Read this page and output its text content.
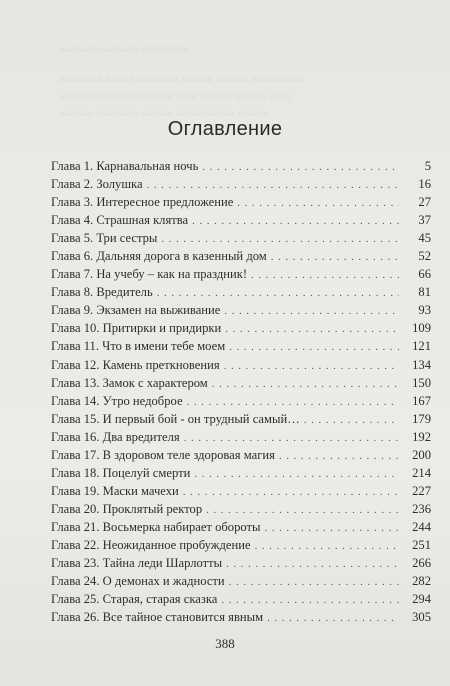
ааааааа ааааааа ааааааааа
аааааааа аааа ааааааааа аааааа аааааа аааааааааа
ааааа аааааааааа ааааа аааа аааааа аааааа аааа
аааааа аааааааа аааааа ааааааааааа аааааа
Оглавление
Глава 1. Карнавальная ночь . . .	5
Глава 2. Золушка . . .	16
Глава 3. Интересное предложение . . .	27
Глава 4. Страшная клятва . . .	37
Глава 5. Три сестры . . .	45
Глава 6. Дальняя дорога в казенный дом . . .	52
Глава 7. На учебу – как на праздник! . . .	66
Глава 8. Вредитель . . .	81
Глава 9. Экзамен на выживание . . .	93
Глава 10. Притирки и придирки . . .	109
Глава 11. Что в имени тебе моем . . .	121
Глава 12. Камень преткновения . . .	134
Глава 13. Замок с характером . . .	150
Глава 14. Утро недоброе . . .	167
Глава 15. И первый бой - он трудный самый… . . .	179
Глава 16. Два вредителя . . .	192
Глава 17. В здоровом теле здоровая магия . . .	200
Глава 18. Поцелуй смерти . . .	214
Глава 19. Маски мачехи . . .	227
Глава 20. Проклятый ректор . . .	236
Глава 21. Восьмерка набирает обороты . . .	244
Глава 22. Неожиданное пробуждение . . .	251
Глава 23. Тайна леди Шарлотты . . .	266
Глава 24. О демонах и жадности . . .	282
Глава 25. Старая, старая сказка . . .	294
Глава 26. Все тайное становится явным . . .	305
388
